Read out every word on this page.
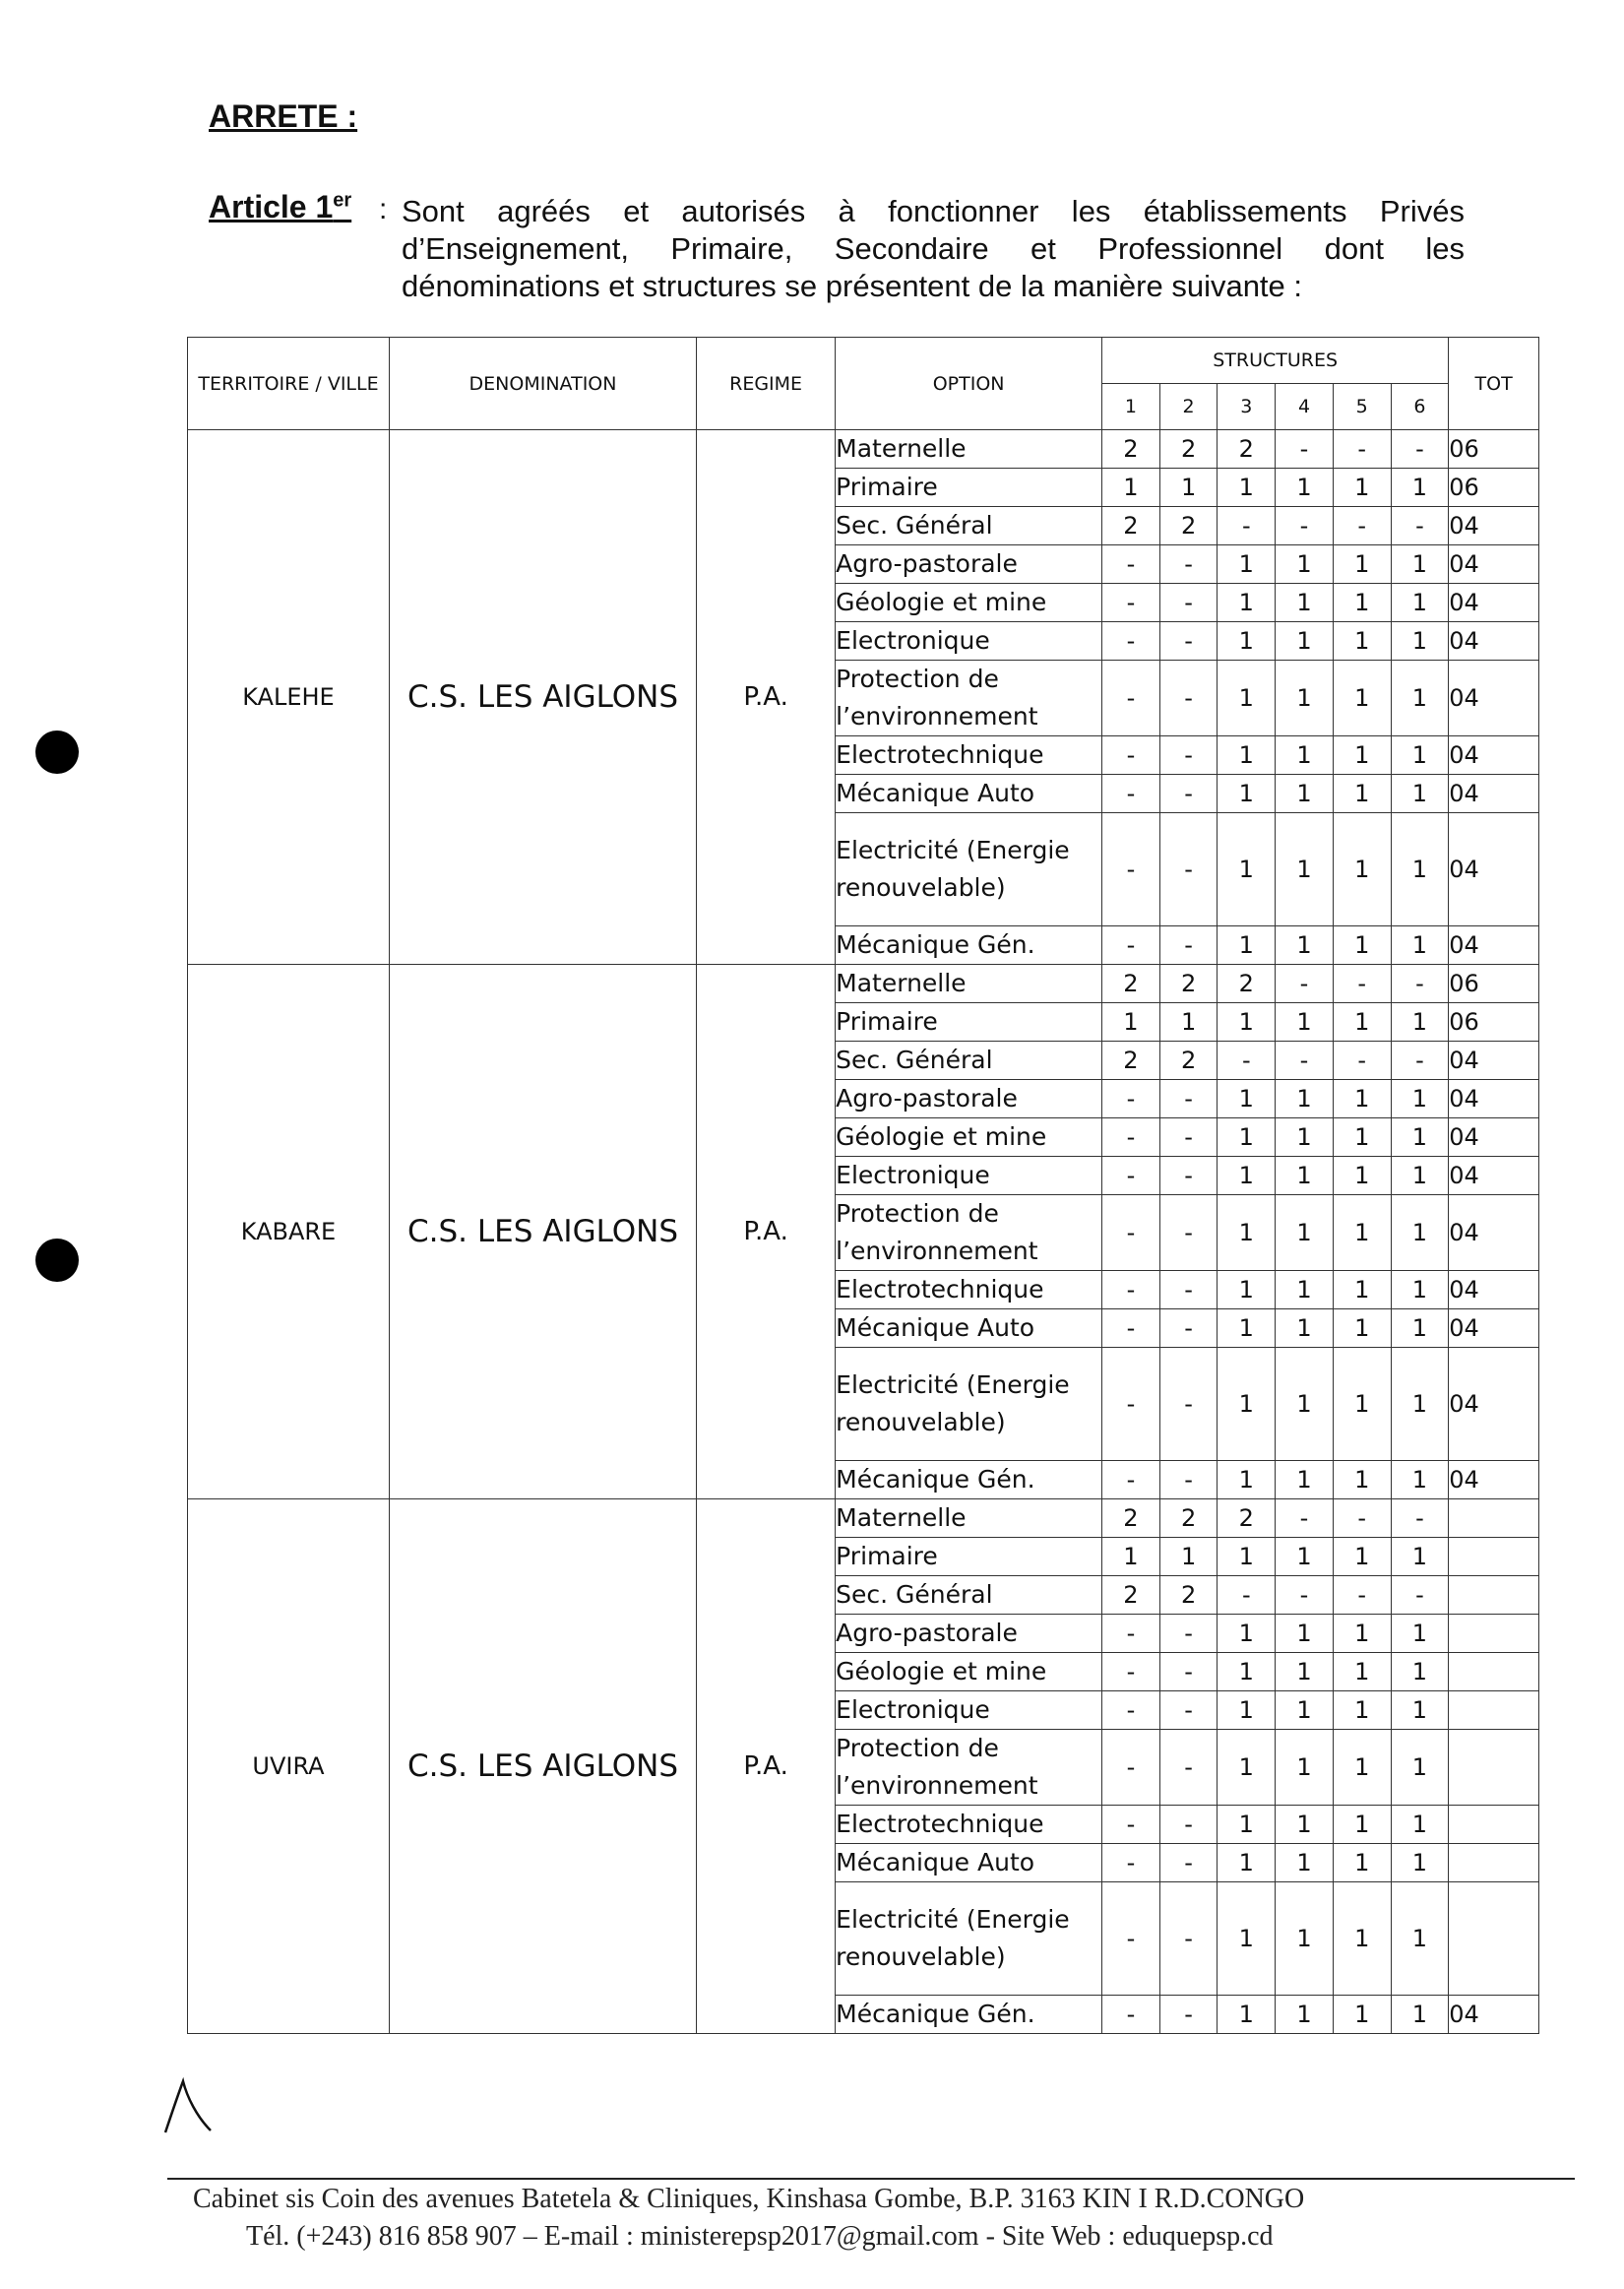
ARRETE :
Article 1er : Sont agréés et autorisés à fonctionner les établissements Privés d’Enseignement, Primaire, Secondaire et Professionnel dont les dénominations et structures se présentent de la manière suivante :

TERRITOIRE / VILLE	DENOMINATION	REGIME	OPTION	STRUCTURES						TOT
				1	2	3	4	5	6	
KALEHE	C.S. LES AIGLONS	P.A.	Maternelle	2	2	2	-	-	-	06
			Primaire	1	1	1	1	1	1	06
			Sec. Général	2	2	-	-	-	-	04
			Agro-pastorale	-	-	1	1	1	1	04
			Géologie et mine	-	-	1	1	1	1	04
			Electronique	-	-	1	1	1	1	04
			Protection de l’environnement	-	-	1	1	1	1	04
			Electrotechnique	-	-	1	1	1	1	04
			Mécanique Auto	-	-	1	1	1	1	04
			Electricité (Energie renouvelable)	-	-	1	1	1	1	04
			Mécanique Gén.	-	-	1	1	1	1	04
KABARE	C.S. LES AIGLONS	P.A.	Maternelle	2	2	2	-	-	-	06
			Primaire	1	1	1	1	1	1	06
			Sec. Général	2	2	-	-	-	-	04
			Agro-pastorale	-	-	1	1	1	1	04
			Géologie et mine	-	-	1	1	1	1	04
			Electronique	-	-	1	1	1	1	04
			Protection de l’environnement	-	-	1	1	1	1	04
			Electrotechnique	-	-	1	1	1	1	04
			Mécanique Auto	-	-	1	1	1	1	04
			Electricité (Energie renouvelable)	-	-	1	1	1	1	04
			Mécanique Gén.	-	-	1	1	1	1	04
UVIRA	C.S. LES AIGLONS	P.A.	Maternelle	2	2	2	-	-	-	
			Primaire	1	1	1	1	1	1	
			Sec. Général	2	2	-	-	-	-	
			Agro-pastorale	-	-	1	1	1	1	
			Géologie et mine	-	-	1	1	1	1	
			Electronique	-	-	1	1	1	1	
			Protection de l’environnement	-	-	1	1	1	1	
			Electrotechnique	-	-	1	1	1	1	
			Mécanique Auto	-	-	1	1	1	1	
			Electricité (Energie renouvelable)	-	-	1	1	1	1	
			Mécanique Gén.	-	-	1	1	1	1	04
Cabinet sis Coin des avenues Batetela & Cliniques, Kinshasa Gombe, B.P. 3163 KIN I R.D.CONGO
Tél. (+243) 816 858 907 – E-mail : ministerepsp2017@gmail.com - Site Web : eduquepsp.cd
